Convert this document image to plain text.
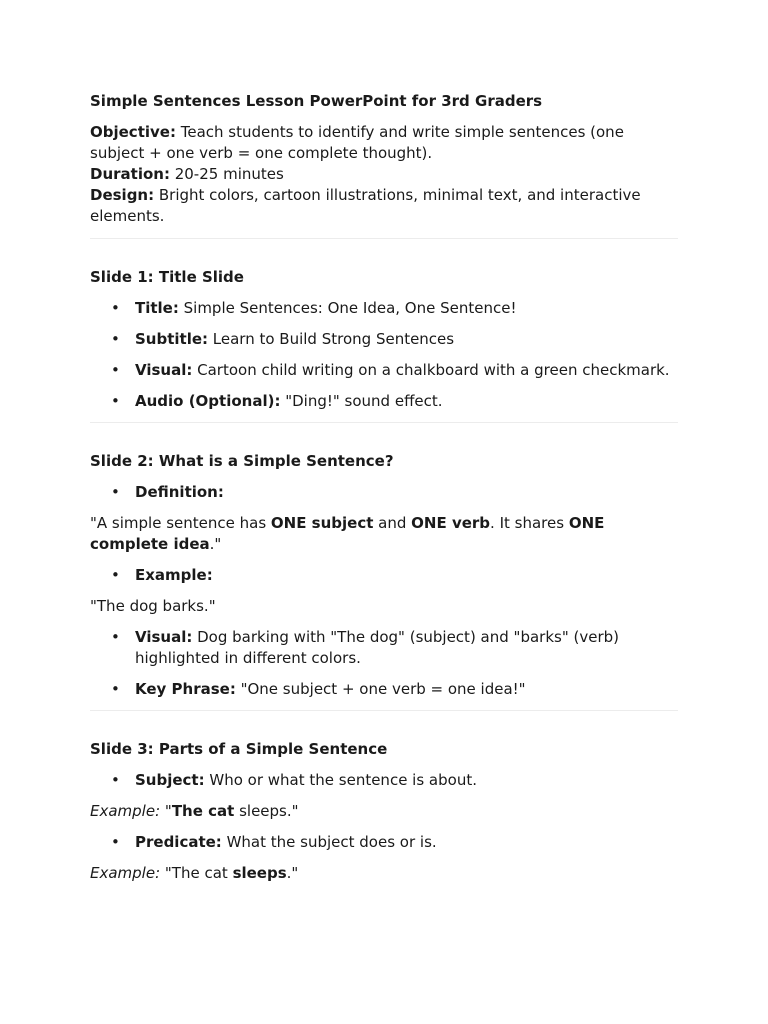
Simple Sentences Lesson PowerPoint for 3rd Graders

Objective: Teach students to identify and write simple sentences (one subject + one verb = one complete thought).

Duration: 20-25 minutes

Design: Bright colors, cartoon illustrations, minimal text, and interactive elements.

Slide 1: Title Slide

• Title: Simple Sentences: One Idea, One Sentence!
• Subtitle: Learn to Build Strong Sentences
• Visual: Cartoon child writing on a chalkboard with a green checkmark.
• Audio (Optional): "Ding!" sound effect.

Slide 2: What is a Simple Sentence?

• Definition:

"A simple sentence has ONE subject and ONE verb. It shares ONE complete idea."

• Example:

"The dog barks."

• Visual: Dog barking with "The dog" (subject) and "barks" (verb) highlighted in different colors.
• Key Phrase: "One subject + one verb = one idea!"

Slide 3: Parts of a Simple Sentence

• Subject: Who or what the sentence is about.

Example: "The cat sleeps."

• Predicate: What the subject does or is.

Example: "The cat sleeps."
